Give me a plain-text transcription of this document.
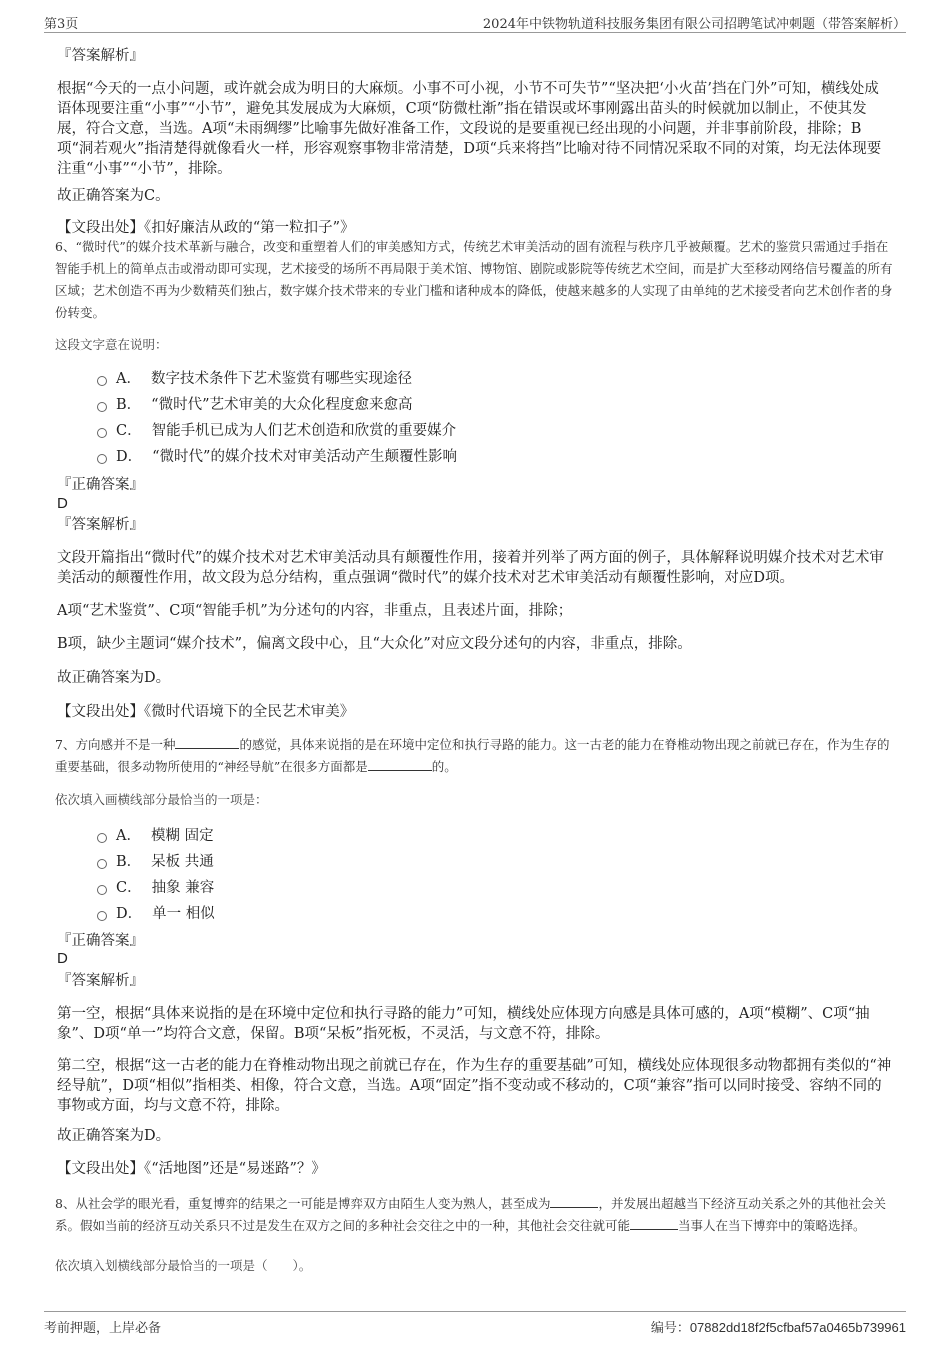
第3页	2024年中铁物轨道科技服务集团有限公司招聘笔试冲刺题（带答案解析）
『答案解析』
根据“今天的一点小问题，或许就会成为明日的大麻烦。小事不可小视，小节不可失节”“坚决把‘小火苗’挡在门外”可知，横线处成语体现要注重“小事”“小节”，避免其发展成为大麻烦，C项“防微杜渐”指在错误或坏事刚露出苗头的时候就加以制止，不使其发展，符合文意，当选。A项“未雨绸缪”比喻事先做好准备工作，文段说的是要重视已经出现的小问题，并非事前阶段，排除；B项“洞若观火”指清楚得就像看火一样，形容观察事物非常清楚，D项“兵来将挡”比喻对待不同情况采取不同的对策，均无法体现要注重“小事”“小节”，排除。
故正确答案为C。
【文段出处】《扣好廉洁从政的“第一粒扣子”》
6、“微时代”的媒介技术革新与融合，改变和重塑着人们的审美感知方式，传统艺术审美活动的固有流程与秩序几乎被颠覆。艺术的鉴赏只需通过手指在智能手机上的简单点击或滑动即可实现，艺术接受的场所不再局限于美术馆、博物馆、剧院或影院等传统艺术空间，而是扩大至移动网络信号覆盖的所有区域；艺术创造不再为少数精英们独占，数字媒介技术带来的专业门槛和诸种成本的降低，使越来越多的人实现了由单纯的艺术接受者向艺术创作者的身份转变。
这段文字意在说明：
A． 数字技术条件下艺术鉴赏有哪些实现途径
B． “微时代”艺术审美的大众化程度愈来愈高
C． 智能手机已成为人们艺术创造和欣赏的重要媒介
D． “微时代”的媒介技术对审美活动产生颠覆性影响
『正确答案』
D
『答案解析』
文段开篇指出“微时代”的媒介技术对艺术审美活动具有颠覆性作用，接着并列举了两方面的例子，具体解释说明媒介技术对艺术审美活动的颠覆性作用，故文段为总分结构，重点强调“微时代”的媒介技术对艺术审美活动有颠覆性影响，对应D项。
A项“艺术鉴赏”、C项“智能手机”为分述句的内容，非重点，且表述片面，排除；
B项，缺少主题词“媒介技术”，偏离文段中心，且“大众化”对应文段分述句的内容，非重点，排除。
故正确答案为D。
【文段出处】《微时代语境下的全民艺术审美》
7、方向感并不是一种	的感觉，具体来说指的是在环境中定位和执行寻路的能力。这一古老的能力在脊椎动物出现之前就已存在，作为生存的重要基础，很多动物所使用的“神经导航”在很多方面都是	的。
依次填入画横线部分最恰当的一项是：
A． 模糊 固定
B． 呆板 共通
C． 抽象 兼容
D． 单一 相似
『正确答案』
D
『答案解析』
第一空，根据“具体来说指的是在环境中定位和执行寻路的能力”可知，横线处应体现方向感是具体可感的，A项“模糊”、C项“抽象”、D项“单一”均符合文意，保留。B项“呆板”指死板，不灵活，与文意不符，排除。
第二空，根据“这一古老的能力在脊椎动物出现之前就已存在，作为生存的重要基础”可知，横线处应体现很多动物都拥有类似的“神经导航”，D项“相似”指相类、相像，符合文意，当选。A项“固定”指不变动或不移动的，C项“兼容”指可以同时接受、容纳不同的事物或方面，均与文意不符，排除。
故正确答案为D。
【文段出处】《“活地图”还是“易迷路”？》
8、从社会学的眼光看，重复博弈的结果之一可能是博弈双方由陌生人变为熟人，甚至成为	，并发展出超越当下经济互动关系之外的其他社会关系。假如当前的经济互动关系只不过是发生在双方之间的多种社会交往之中的一种，其他社会交往就可能	当事人在当下博弈中的策略选择。
依次填入划横线部分最恰当的一项是（　　）。
考前押题，上岸必备	编号：07882dd18f2f5cfbaf57a0465b739961
